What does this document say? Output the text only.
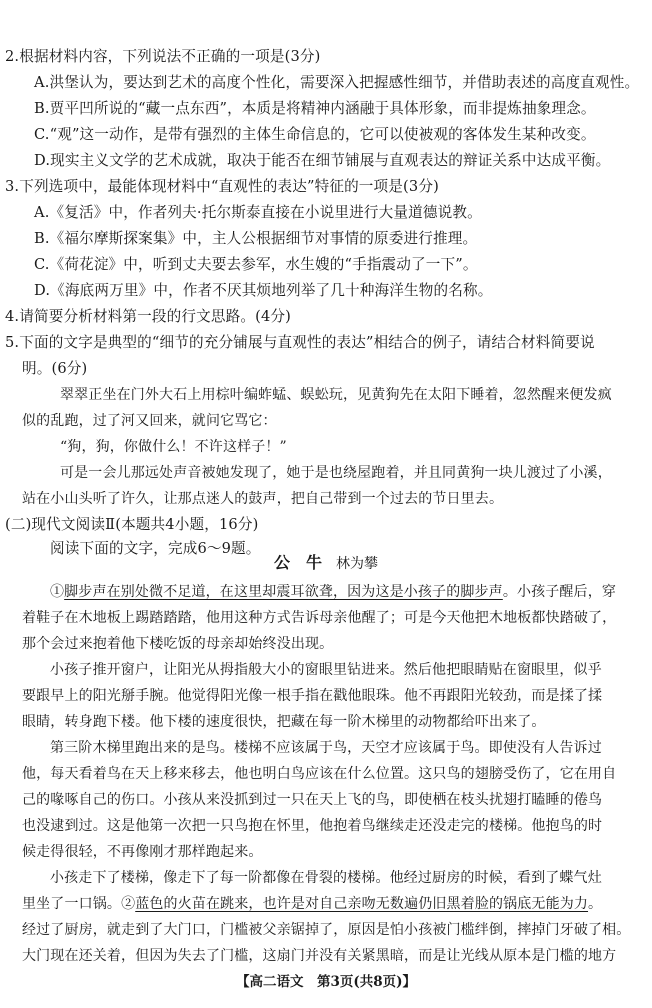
2.根据材料内容，下列说法不正确的一项是(3分)
A.洪堡认为，要达到艺术的高度个性化，需要深入把握感性细节，并借助表述的高度直观性。
B.贾平凹所说的“藏一点东西”，本质是将精神内涵融于具体形象，而非提炼抽象理念。
C.“观”这一动作，是带有强烈的主体生命信息的，它可以使被观的客体发生某种改变。
D.现实主义文学的艺术成就，取决于能否在细节铺展与直观表达的辩证关系中达成平衡。
3.下列选项中，最能体现材料中“直观性的表达”特征的一项是(3分)
A.《复活》中，作者列夫·托尔斯泰直接在小说里进行大量道德说教。
B.《福尔摩斯探案集》中，主人公根据细节对事情的原委进行推理。
C.《荷花淀》中，听到丈夫要去参军，水生嫂的“手指震动了一下”。
D.《海底两万里》中，作者不厌其烦地列举了几十种海洋生物的名称。
4.请简要分析材料第一段的行文思路。(4分)
5.下面的文字是典型的“细节的充分铺展与直观性的表达”相结合的例子，请结合材料简要说
明。(6分)
翠翠正坐在门外大石上用棕叶编蚱蜢、蜈蚣玩，见黄狗先在太阳下睡着，忽然醒来便发疯
似的乱跑，过了河又回来，就问它骂它：
“狗，狗，你做什么！不许这样子！”
可是一会儿那远处声音被她发现了，她于是也绕屋跑着，并且同黄狗一块儿渡过了小溪，
站在小山头听了许久，让那点迷人的鼓声，把自己带到一个过去的节日里去。
(二)现代文阅读Ⅱ(本题共4小题，16分)
阅读下面的文字，完成6～9题。
公　牛 林为攀
①脚步声在别处微不足道，在这里却震耳欲聋，因为这是小孩子的脚步声。小孩子醒后，穿
着鞋子在木地板上踢踏踏踏，他用这种方式告诉母亲他醒了；可是今天他把木地板都快踏破了，
那个会过来抱着他下楼吃饭的母亲却始终没出现。
小孩子推开窗户，让阳光从拇指般大小的窗眼里钻进来。然后他把眼睛贴在窗眼里，似乎
要跟早上的阳光掰手腕。他觉得阳光像一根手指在戳他眼珠。他不再跟阳光较劲，而是揉了揉
眼睛，转身跑下楼。他下楼的速度很快，把藏在每一阶木梯里的动物都给吓出来了。
第三阶木梯里跑出来的是鸟。楼梯不应该属于鸟，天空才应该属于鸟。即使没有人告诉过
他，每天看着鸟在天上移来移去，他也明白鸟应该在什么位置。这只鸟的翅膀受伤了，它在用自
己的喙啄自己的伤口。小孩从来没抓到过一只在天上飞的鸟，即使栖在枝头扰翅打瞌睡的倦鸟
也没逮到过。这是他第一次把一只鸟抱在怀里，他抱着鸟继续走还没走完的楼梯。他抱鸟的时
候走得很轻，不再像刚才那样跑起来。
小孩走下了楼梯，像走下了每一阶都像在骨裂的楼梯。他经过厨房的时候，看到了蝶气灶
里坐了一口锅。②蓝色的火苗在跳来，也许是对自己亲吻无数遍仍旧黑着脸的锅底无能为力。
经过了厨房，就走到了大门口，门槛被父亲锯掉了，原因是怕小孩被门槛绊倒，摔掉门牙破了相。
大门现在还关着，但因为失去了门槛，这扇门并没有关紧黑暗，而是让光线从原本是门槛的地方
【高二语文　第3页(共8页)】
